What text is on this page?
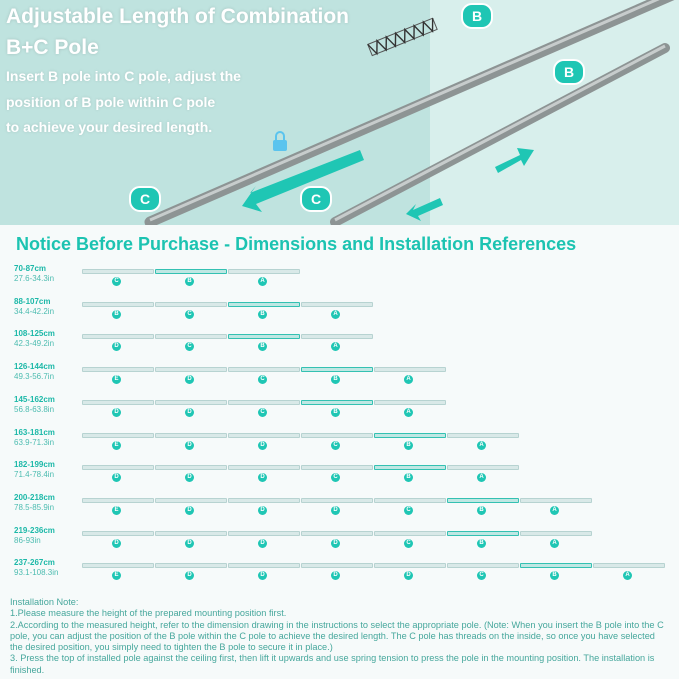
Adjustable Length of Combination
B+C Pole
Insert B pole into C pole, adjust the
position of B pole within C pole
to achieve your desired length.
B
B
C	C
Notice Before Purchase - Dimensions and Installation References
70-87cm
27.6-34.3in	C	B	A
88-107cm
34.4-42.2in	B	C	B	A
108-125cm
42.3-49.2in	D	C	B	A
126-144cm
49.3-56.7in	E	D	C	B	A
145-162cm
56.8-63.8in	D	D	C	B	A
163-181cm
63.9-71.3in	E	D	D	C	B	A
182-199cm
71.4-78.4in	D	D	D	C	B	A
200-218cm
78.5-85.9in	E	D	D	D	C	B	A
219-236cm
86-93in	D	D	D	D	C	B	A
237-267cm
93.1-108.3in	E	D	D	D	D	C	B	A
Installation Note:
1.Please measure the height of the prepared mounting position first.
2.According to the measured height, refer to the dimension drawing in the instructions to select the appropriate pole. (Note: When you insert the B pole into the C pole, you can adjust the position of the B pole within the C pole to achieve the desired length. The C pole has threads on the inside, so once you have selected the desired position, you simply need to tighten the B pole to secure it in place.)
3. Press the top of installed pole against the ceiling first, then lift it upwards and use spring tension to press the pole in the mounting position. The installation is finished.
